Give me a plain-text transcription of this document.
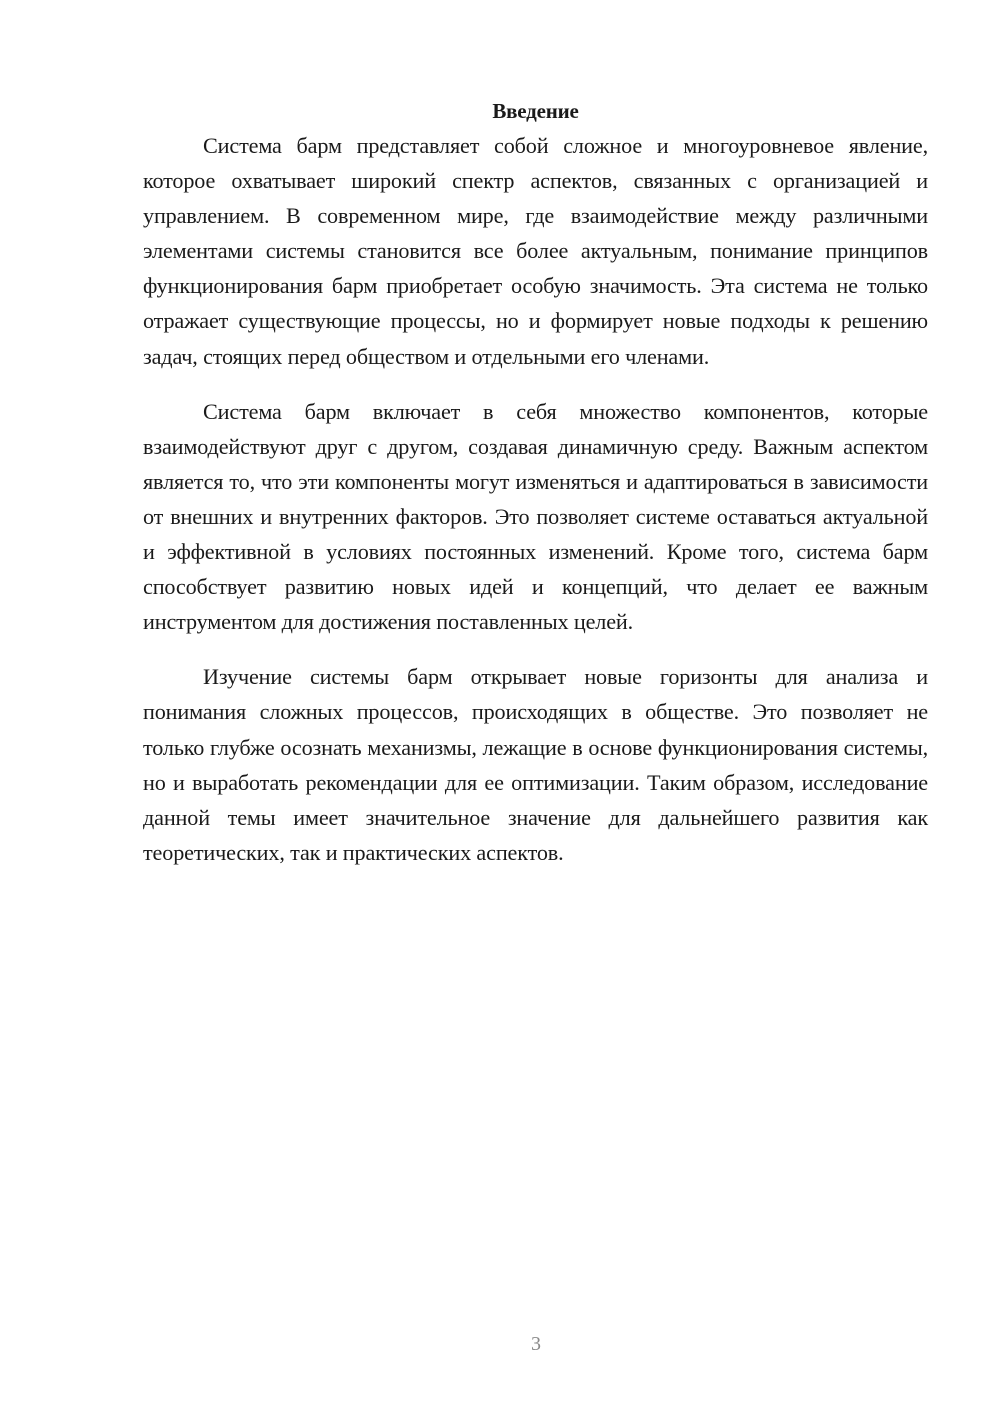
Введение

Система барм представляет собой сложное и многоуровневое явление, которое охватывает широкий спектр аспектов, связанных с организацией и управлением. В современном мире, где взаимодействие между различными элементами системы становится все более актуальным, понимание принципов функционирования барм приобретает особую значимость. Эта система не только отражает существующие процессы, но и формирует новые подходы к решению задач, стоящих перед обществом и отдельными его членами.

Система барм включает в себя множество компонентов, которые взаимодействуют друг с другом, создавая динамичную среду. Важным аспектом является то, что эти компоненты могут изменяться и адаптироваться в зависимости от внешних и внутренних факторов. Это позволяет системе оставаться актуальной и эффективной в условиях постоянных изменений. Кроме того, система барм способствует развитию новых идей и концепций, что делает ее важным инструментом для достижения поставленных целей.

Изучение системы барм открывает новые горизонты для анализа и понимания сложных процессов, происходящих в обществе. Это позволяет не только глубже осознать механизмы, лежащие в основе функционирования системы, но и выработать рекомендации для ее оптимизации. Таким образом, исследование данной темы имеет значительное значение для дальнейшего развития как теоретических, так и практических аспектов.

3
